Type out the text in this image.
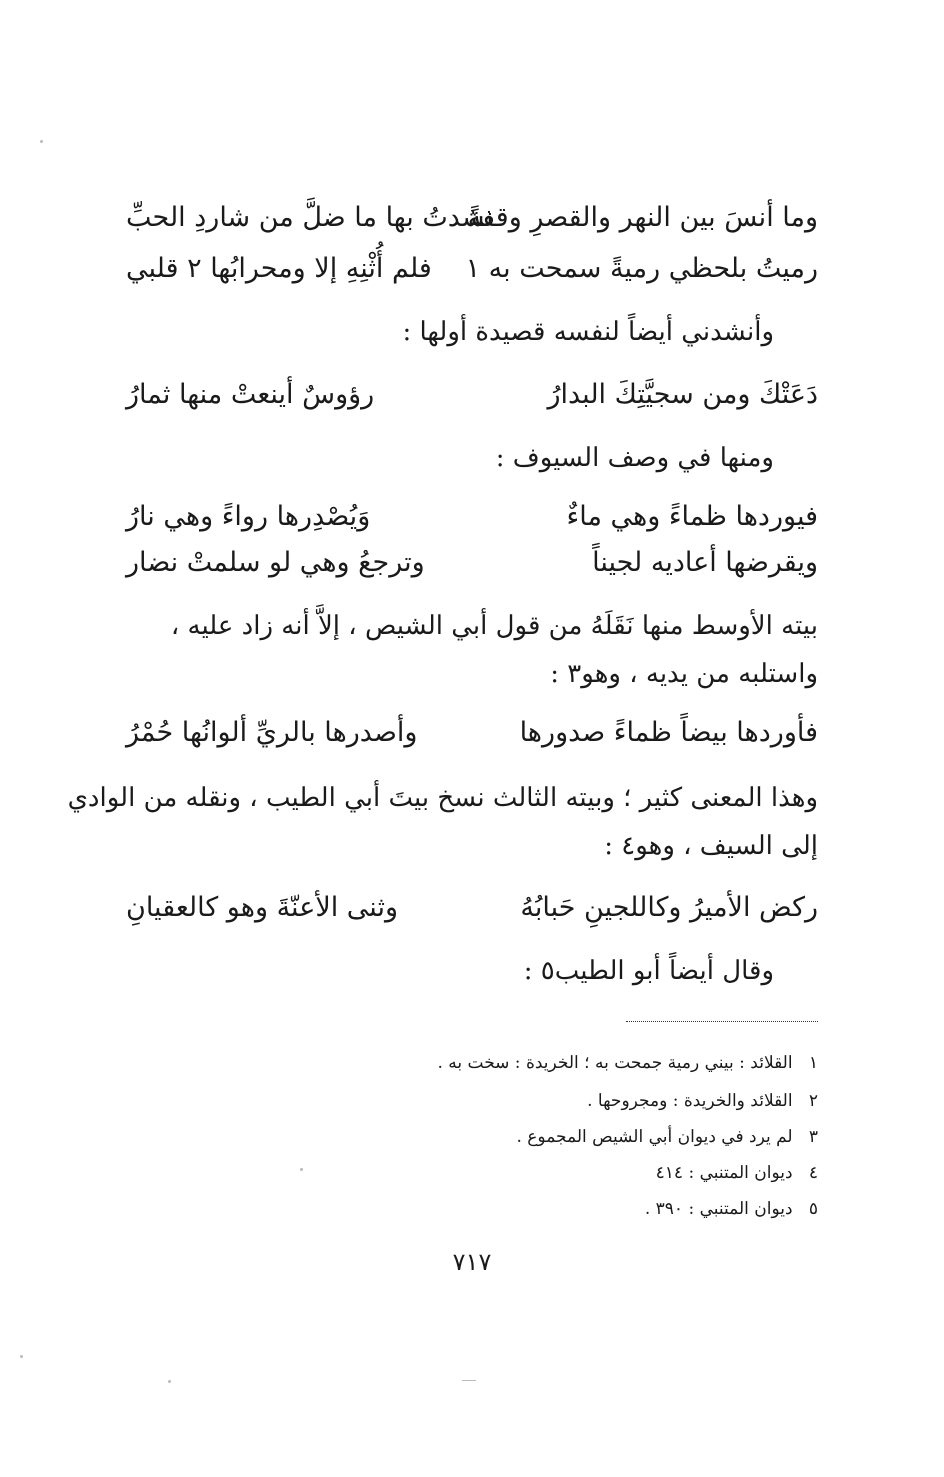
وما أنسَ بين النهر والقصرِ وقفةً
نشدتُ بها ما ضلَّ من شاردِ الحبِّ
رميتُ بلحظي رميةً سمحت به ١
فلم أُثْنِهِ إلا ومحرابُها ٢ قلبي
وأنشدني أيضاً لنفسه قصيدة أولها :
دَعَتْكَ ومن سجيَّتِكَ البدارُ
رؤوسٌ أينعتْ منها ثمارُ
ومنها في وصف السيوف :
فيوردها ظماءً وهي ماءٌ
وَيُصْدِرها رواءً وهي نارُ
ويقرضها أعاديه لجيناً
وترجعُ وهي لو سلمتْ نضار
بيته الأوسط منها نَقَلَهُ من قول أبي الشيص ، إلاَّ أنه زاد عليه ،
واستلبه من يديه ، وهو٣ :
فأوردها بيضاً ظماءً صدورها
وأصدرها بالريِّ ألوانُها حُمْرُ
وهذا المعنى كثير ؛ وبيته الثالث نسخ بيتَ أبي الطيب ، ونقله من الوادي
إلى السيف ، وهو٤ :
ركض الأميرُ وكاللجينِ حَبابُهُ
وثنى الأعنّةَ وهو كالعقيانِ
وقال أيضاً أبو الطيب٥ :
١ القلائد : بيني رمية جمحت به ؛ الخريدة : سخت به .
٢ القلائد والخريدة : ومجروحها .
٣ لم يرد في ديوان أبي الشيص المجموع .
٤ ديوان المتنبي : ٤١٤
٥ ديوان المتنبي : ٣٩٠ .
٧١٧
